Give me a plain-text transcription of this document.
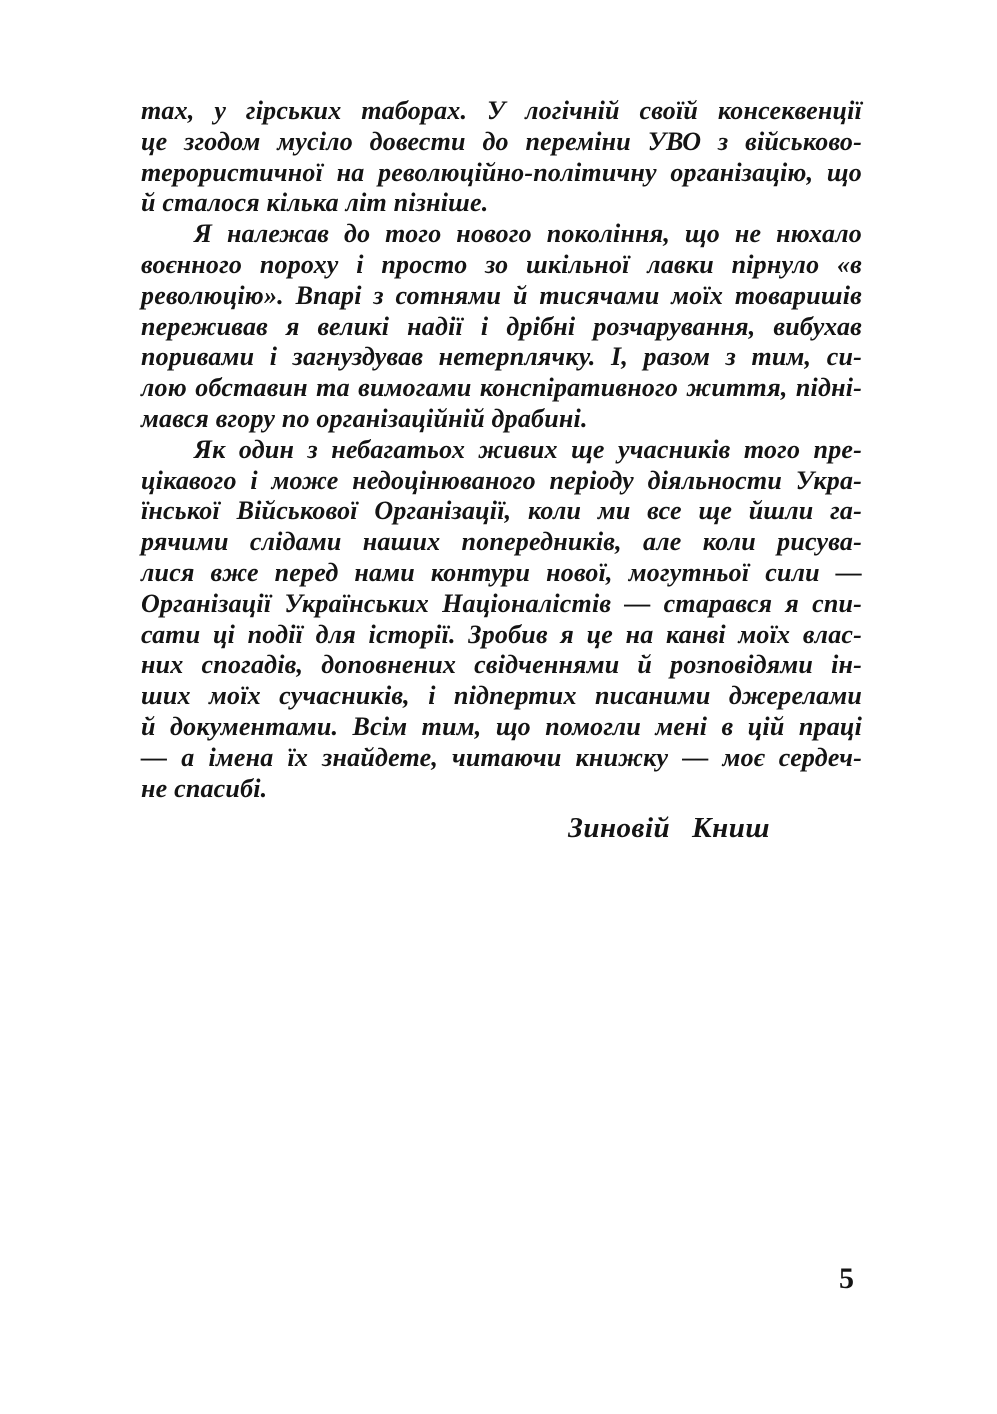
тах, у гірських таборах. У логічній своїй консеквенції
це згодом мусіло довести до переміни УВО з військово-
терористичної на революційно-політичну організацію, що
й сталося кілька літ пізніше.
Я належав до того нового покоління, що не нюхало
воєнного пороху і просто зо шкільної лавки пірнуло «в
революцію». Впарі з сотнями й тисячами моїх товаришів
переживав я великі надії і дрібні розчарування, вибухав
поривами і загнуздував нетерплячку. І, разом з тим, си-
лою обставин та вимогами конспіративного життя, підні-
мався вгору по організаційній драбині.
Як один з небагатьох живих ще учасників того пре-
цікавого і може недоцінюваного періоду діяльности Укра-
їнської Військової Організації, коли ми все ще йшли га-
рячими слідами наших попередників, але коли рисува-
лися вже перед нами контури нової, могутньої сили —
Організації Українських Націоналістів — старався я спи-
сати ці події для історії. Зробив я це на канві моїх влас-
них спогадів, доповнених свідченнями й розповідями ін-
ших моїх сучасників, і підпертих писаними джерелами
й документами. Всім тим, що помогли мені в цій праці
— а імена їх знайдете, читаючи книжку — моє сердеч-
не спасибі.
Зиновій Книш
5
